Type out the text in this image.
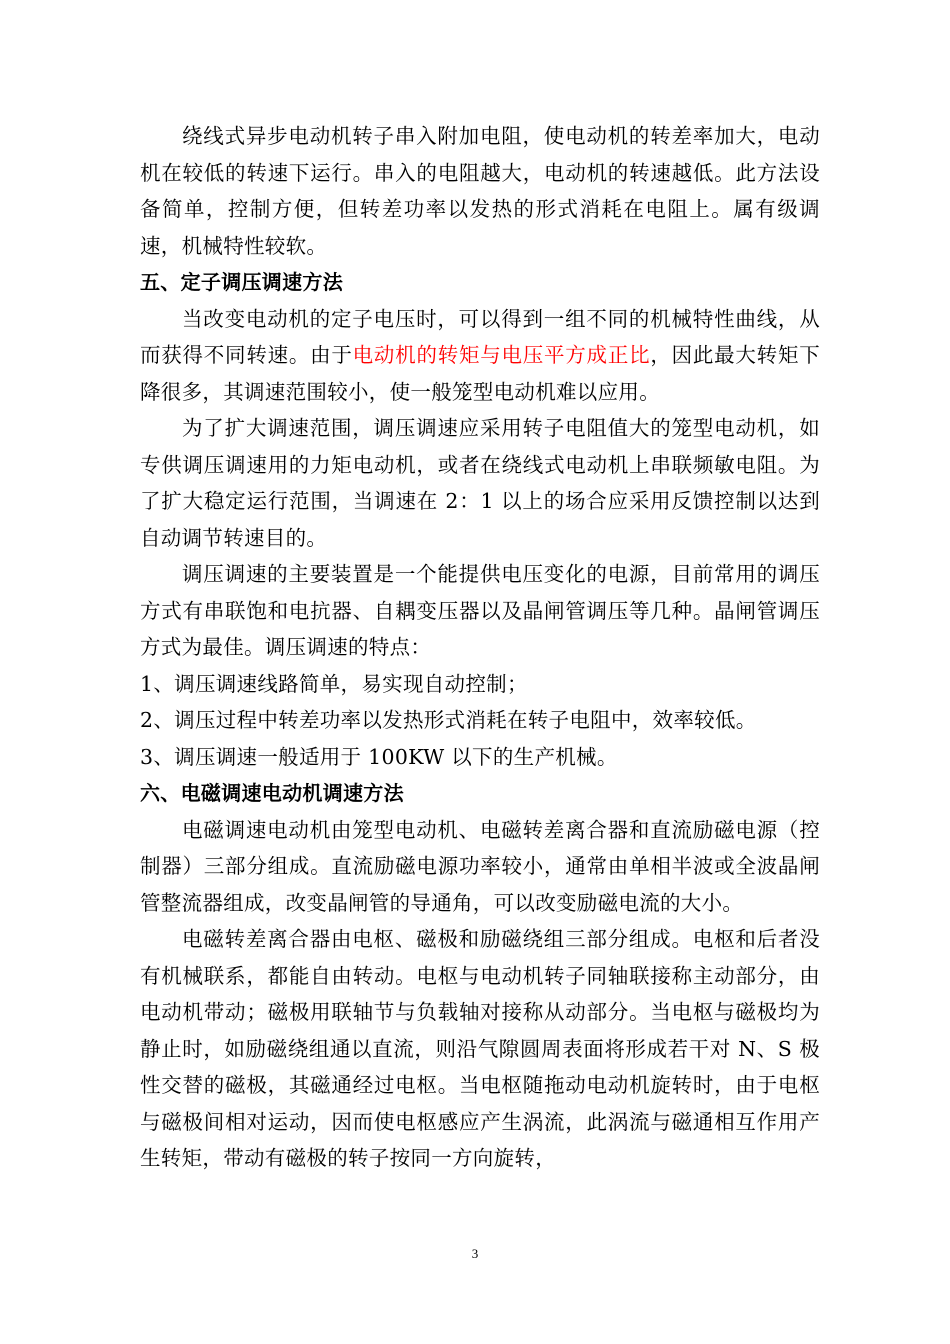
绕线式异步电动机转子串入附加电阻，使电动机的转差率加大，电动机在较低的转速下运行。串入的电阻越大，电动机的转速越低。此方法设备简单，控制方便，但转差功率以发热的形式消耗在电阻上。属有级调速，机械特性较软。

五、定子调压调速方法

当改变电动机的定子电压时，可以得到一组不同的机械特性曲线，从而获得不同转速。由于电动机的转矩与电压平方成正比，因此最大转矩下降很多，其调速范围较小，使一般笼型电动机难以应用。

为了扩大调速范围，调压调速应采用转子电阻值大的笼型电动机，如专供调压调速用的力矩电动机，或者在绕线式电动机上串联频敏电阻。为了扩大稳定运行范围，当调速在 2：1 以上的场合应采用反馈控制以达到自动调节转速目的。

调压调速的主要装置是一个能提供电压变化的电源，目前常用的调压方式有串联饱和电抗器、自耦变压器以及晶闸管调压等几种。晶闸管调压方式为最佳。调压调速的特点：

1、调压调速线路简单，易实现自动控制；

2、调压过程中转差功率以发热形式消耗在转子电阻中，效率较低。

3、调压调速一般适用于 100KW 以下的生产机械。

六、电磁调速电动机调速方法

电磁调速电动机由笼型电动机、电磁转差离合器和直流励磁电源（控制器）三部分组成。直流励磁电源功率较小，通常由单相半波或全波晶闸管整流器组成，改变晶闸管的导通角，可以改变励磁电流的大小。

电磁转差离合器由电枢、磁极和励磁绕组三部分组成。电枢和后者没有机械联系，都能自由转动。电枢与电动机转子同轴联接称主动部分，由电动机带动；磁极用联轴节与负载轴对接称从动部分。当电枢与磁极均为静止时，如励磁绕组通以直流，则沿气隙圆周表面将形成若干对 N、S 极性交替的磁极，其磁通经过电枢。当电枢随拖动电动机旋转时，由于电枢与磁极间相对运动，因而使电枢感应产生涡流，此涡流与磁通相互作用产生转矩，带动有磁极的转子按同一方向旋转，

3
